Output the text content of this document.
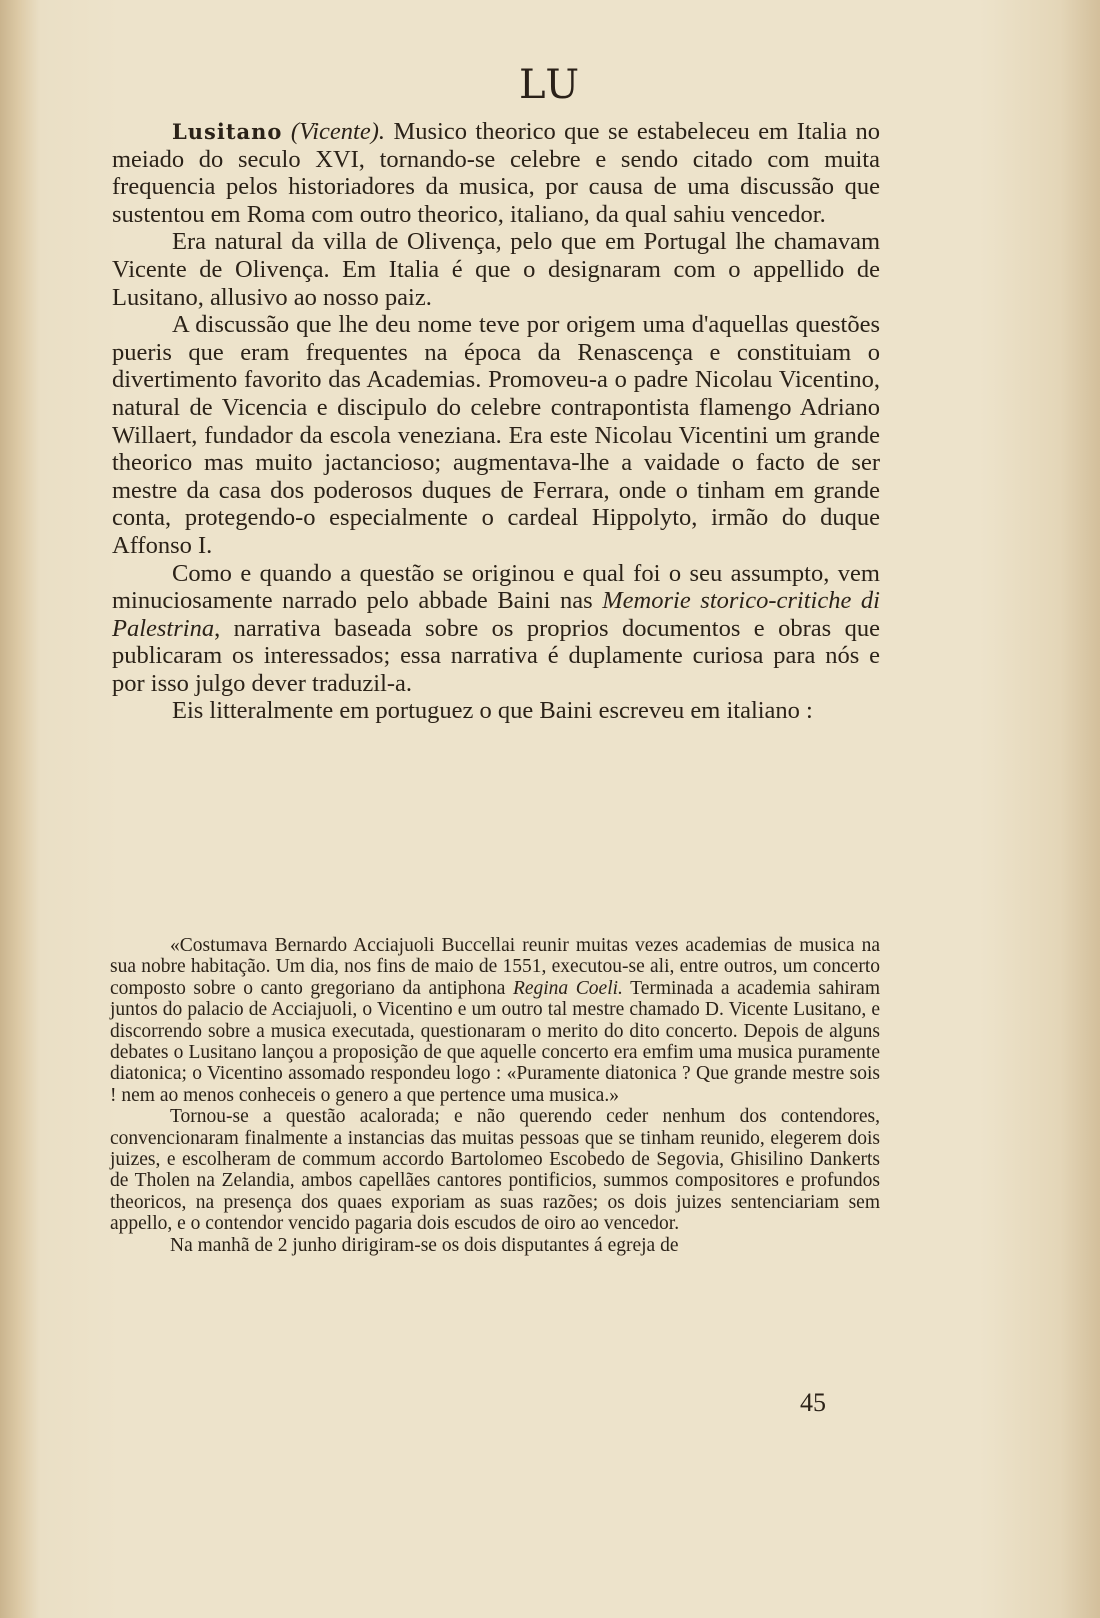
LU

Lusitano (Vicente). Musico theorico que se estabeleceu em Italia no meiado do seculo XVI, tornando-se celebre e sendo citado com muita frequencia pelos historiadores da musica, por causa de uma discussão que sustentou em Roma com outro theorico, italiano, da qual sahiu vencedor.

Era natural da villa de Olivença, pelo que em Portugal lhe chamavam Vicente de Olivença. Em Italia é que o designaram com o appellido de Lusitano, allusivo ao nosso paiz.

A discussão que lhe deu nome teve por origem uma d'aquellas questões pueris que eram frequentes na época da Renascença e constituiam o divertimento favorito das Academias. Promoveu-a o padre Nicolau Vicentino, natural de Vicencia e discipulo do celebre contrapontista flamengo Adriano Willaert, fundador da escola veneziana. Era este Nicolau Vicentini um grande theorico mas muito jactancioso; augmentava-lhe a vaidade o facto de ser mestre da casa dos poderosos duques de Ferrara, onde o tinham em grande conta, protegendo-o especialmente o cardeal Hippolyto, irmão do duque Affonso I.

Como e quando a questão se originou e qual foi o seu assumpto, vem minuciosamente narrado pelo abbade Baini nas Memorie storico-critiche di Palestrina, narrativa baseada sobre os proprios documentos e obras que publicaram os interessados; essa narrativa é duplamente curiosa para nós e por isso julgo dever traduzil-a.

Eis litteralmente em portuguez o que Baini escreveu em italiano :

«Costumava Bernardo Acciajuoli Buccellai reunir muitas vezes academias de musica na sua nobre habitação. Um dia, nos fins de maio de 1551, executou-se ali, entre outros, um concerto composto sobre o canto gregoriano da antiphona Regina Coeli. Terminada a academia sahiram juntos do palacio de Acciajuoli, o Vicentino e um outro tal mestre chamado D. Vicente Lusitano, e discorrendo sobre a musica executada, questionaram o merito do dito concerto. Depois de alguns debates o Lusitano lançou a proposição de que aquelle concerto era emfim uma musica puramente diatonica; o Vicentino assomado respondeu logo : «Puramente diatonica ? Que grande mestre sois ! nem ao menos conheceis o genero a que pertence uma musica.»

Tornou-se a questão acalorada; e não querendo ceder nenhum dos contendores, convencionaram finalmente a instancias das muitas pessoas que se tinham reunido, elegerem dois juizes, e escolheram de commum accordo Bartolomeo Escobedo de Segovia, Ghisilino Dankerts de Tholen na Zelandia, ambos capellães cantores pontificios, summos compositores e profundos theoricos, na presença dos quaes exporiam as suas razões; os dois juizes sentenciariam sem appello, e o contendor vencido pagaria dois escudos de oiro ao vencedor.

Na manhã de 2 junho dirigiram-se os dois disputantes á egreja de

45
